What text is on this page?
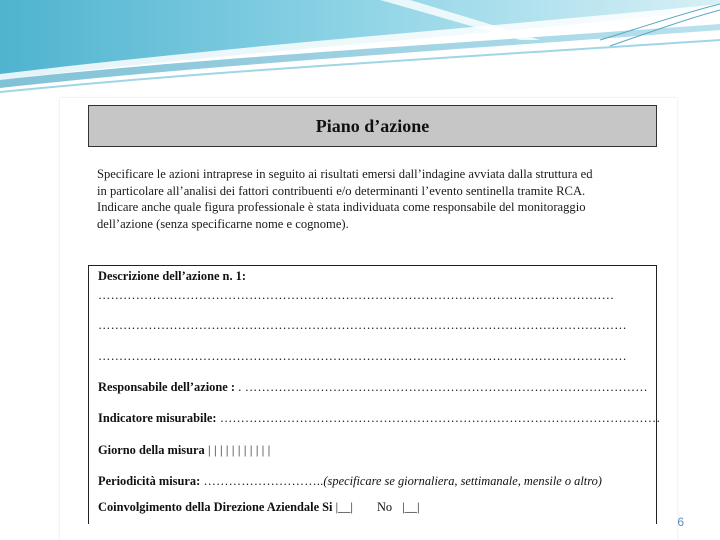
Piano d’azione

Specificare le azioni intraprese in seguito ai risultati emersi dall’indagine avviata dalla struttura ed

in particolare all’analisi dei fattori contribuenti e/o determinanti l’evento sentinella tramite RCA.

Indicare anche quale figura professionale è stata individuata come responsabile del monitoraggio

dell’azione (senza specificarne nome e cognome).

Descrizione dell’azione n. 1:
……………………………………………………………………………………………………………
………………………………………………………………………………………………………………
………………………………………………………………………………………………………………
Responsabile dell’azione : . ……………………………………………………………………………………
Indicatore misurabile: ……………………………………………………………………………………………
Giorno della misura | | | | | | | | | | |
Periodicità misura: ………………………..(specificare se giornaliera, settimanale, mensile o altro)
Coinvolgimento della Direzione Aziendale Si |__| No |__|
6
